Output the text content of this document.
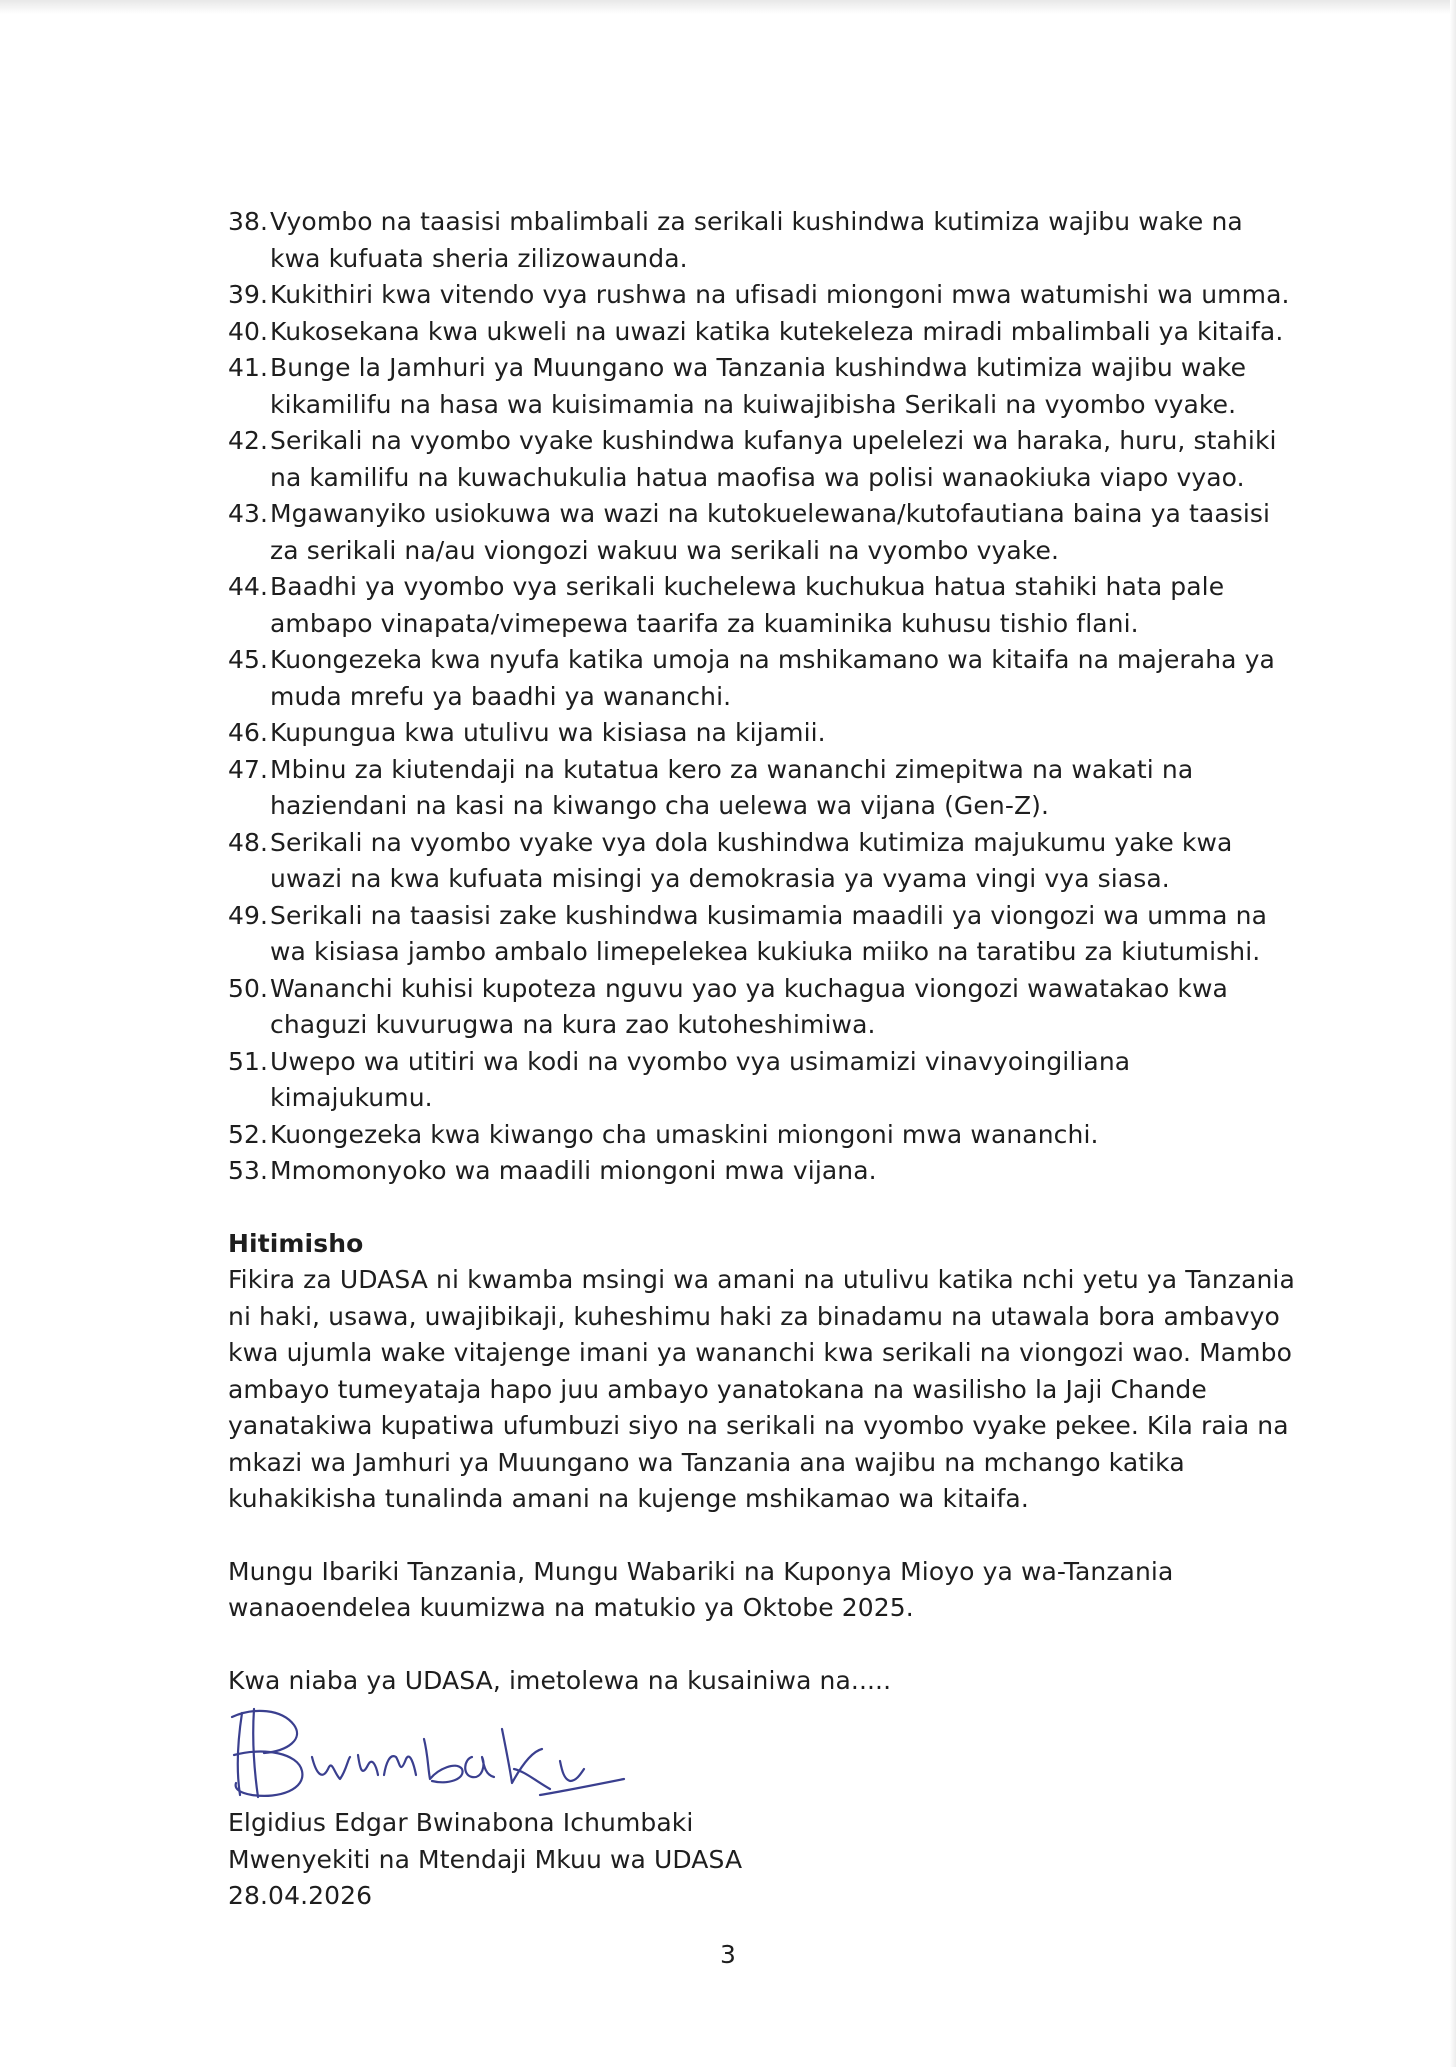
38. Vyombo na taasisi mbalimbali za serikali kushindwa kutimiza wajibu wake na kwa kufuata sheria zilizowaunda.
39. Kukithiri kwa vitendo vya rushwa na ufisadi miongoni mwa watumishi wa umma.
40. Kukosekana kwa ukweli na uwazi katika kutekeleza miradi mbalimbali ya kitaifa.
41. Bunge la Jamhuri ya Muungano wa Tanzania kushindwa kutimiza wajibu wake kikamilifu na hasa wa kuisimamia na kuiwajibisha Serikali na vyombo vyake.
42. Serikali na vyombo vyake kushindwa kufanya upelelezi wa haraka, huru, stahiki na kamilifu na kuwachukulia hatua maofisa wa polisi wanaokiuka viapo vyao.
43. Mgawanyiko usiokuwa wa wazi na kutokuelewana/kutofautiana baina ya taasisi za serikali na/au viongozi wakuu wa serikali na vyombo vyake.
44. Baadhi ya vyombo vya serikali kuchelewa kuchukua hatua stahiki hata pale ambapo vinapata/vimepewa taarifa za kuaminika kuhusu tishio flani.
45. Kuongezeka kwa nyufa katika umoja na mshikamano wa kitaifa na majeraha ya muda mrefu ya baadhi ya wananchi.
46. Kupungua kwa utulivu wa kisiasa na kijamii.
47. Mbinu za kiutendaji na kutatua kero za wananchi zimepitwa na wakati na haziendani na kasi na kiwango cha uelewa wa vijana (Gen-Z).
48. Serikali na vyombo vyake vya dola kushindwa kutimiza majukumu yake kwa uwazi na kwa kufuata misingi ya demokrasia ya vyama vingi vya siasa.
49. Serikali na taasisi zake kushindwa kusimamia maadili ya viongozi wa umma na wa kisiasa jambo ambalo limepelekea kukiuka miiko na taratibu za kiutumishi.
50. Wananchi kuhisi kupoteza nguvu yao ya kuchagua viongozi wawatakao kwa chaguzi kuvurugwa na kura zao kutoheshimiwa.
51. Uwepo wa utitiri wa kodi na vyombo vya usimamizi vinavyoingiliana kimajukumu.
52. Kuongezeka kwa kiwango cha umaskini miongoni mwa wananchi.
53. Mmomonyoko wa maadili miongoni mwa vijana.
Hitimisho

Fikira za UDASA ni kwamba msingi wa amani na utulivu katika nchi yetu ya Tanzania ni haki, usawa, uwajibikaji, kuheshimu haki za binadamu na utawala bora ambavyo kwa ujumla wake vitajenge imani ya wananchi kwa serikali na viongozi wao. Mambo ambayo tumeyataja hapo juu ambayo yanatokana na wasilisho la Jaji Chande yanatakiwa kupatiwa ufumbuzi siyo na serikali na vyombo vyake pekee. Kila raia na mkazi wa Jamhuri ya Muungano wa Tanzania ana wajibu na mchango katika kuhakikisha tunalinda amani na kujenge mshikamao wa kitaifa.

Mungu Ibariki Tanzania, Mungu Wabariki na Kuponya Mioyo ya wa-Tanzania wanaoendelea kuumizwa na matukio ya Oktobe 2025.

Kwa niaba ya UDASA, imetolewa na kusainiwa na.....

Elgidius Edgar Bwinabona Ichumbaki

Mwenyekiti na Mtendaji Mkuu wa UDASA

28.04.2026

3
